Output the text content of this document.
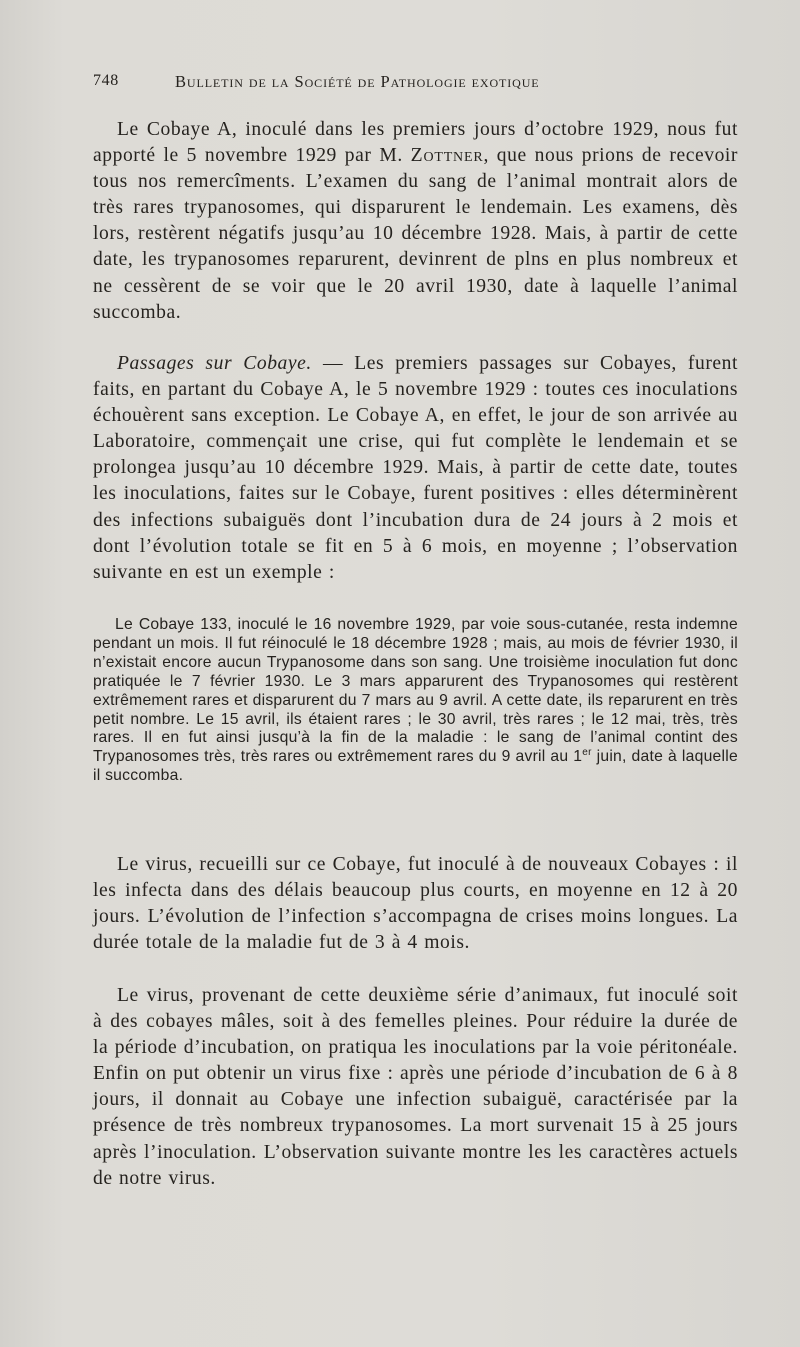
748	Bulletin de la Société de Pathologie exotique

Le Cobaye A, inoculé dans les premiers jours d’octobre 1929, nous fut apporté le 5 novembre 1929 par M. Zottner, que nous prions de recevoir tous nos remercîments. L’examen du sang de l’animal montrait alors de très rares trypanosomes, qui disparurent le lendemain. Les examens, dès lors, restèrent négatifs jusqu’au 10 décembre 1928. Mais, à partir de cette date, les trypanosomes reparurent, devinrent de plns en plus nombreux et ne cessèrent de se voir que le 20 avril 1930, date à laquelle l’animal succomba.

Passages sur Cobaye. — Les premiers passages sur Cobayes, furent faits, en partant du Cobaye A, le 5 novembre 1929 : toutes ces inoculations échouèrent sans exception. Le Cobaye A, en effet, le jour de son arrivée au Laboratoire, commençait une crise, qui fut complète le lendemain et se prolongea jusqu’au 10 décembre 1929. Mais, à partir de cette date, toutes les inoculations, faites sur le Cobaye, furent positives : elles déterminèrent des infections subaiguës dont l’incubation dura de 24 jours à 2 mois et dont l’évolution totale se fit en 5 à 6 mois, en moyenne ; l’observation suivante en est un exemple :

Le Cobaye 133, inoculé le 16 novembre 1929, par voie sous-cutanée, resta indemne pendant un mois. Il fut réinoculé le 18 décembre 1928 ; mais, au mois de février 1930, il n’existait encore aucun Trypanosome dans son sang. Une troisième inoculation fut donc pratiquée le 7 février 1930. Le 3 mars apparurent des Trypanosomes qui restèrent extrêmement rares et disparurent du 7 mars au 9 avril. A cette date, ils reparurent en très petit nombre. Le 15 avril, ils étaient rares ; le 30 avril, très rares ; le 12 mai, très, très rares. Il en fut ainsi jusqu’à la fin de la maladie : le sang de l’animal contint des Trypanosomes très, très rares ou extrêmement rares du 9 avril au 1er juin, date à laquelle il succomba.

Le virus, recueilli sur ce Cobaye, fut inoculé à de nouveaux Cobayes : il les infecta dans des délais beaucoup plus courts, en moyenne en 12 à 20 jours. L’évolution de l’infection s’accompagna de crises moins longues. La durée totale de la maladie fut de 3 à 4 mois.

Le virus, provenant de cette deuxième série d’animaux, fut inoculé soit à des cobayes mâles, soit à des femelles pleines. Pour réduire la durée de la période d’incubation, on pratiqua les inoculations par la voie péritonéale. Enfin on put obtenir un virus fixe : après une période d’incubation de 6 à 8 jours, il donnait au Cobaye une infection subaiguë, caractérisée par la présence de très nombreux trypanosomes. La mort survenait 15 à 25 jours après l’inoculation. L’observation suivante montre les les caractères actuels de notre virus.
